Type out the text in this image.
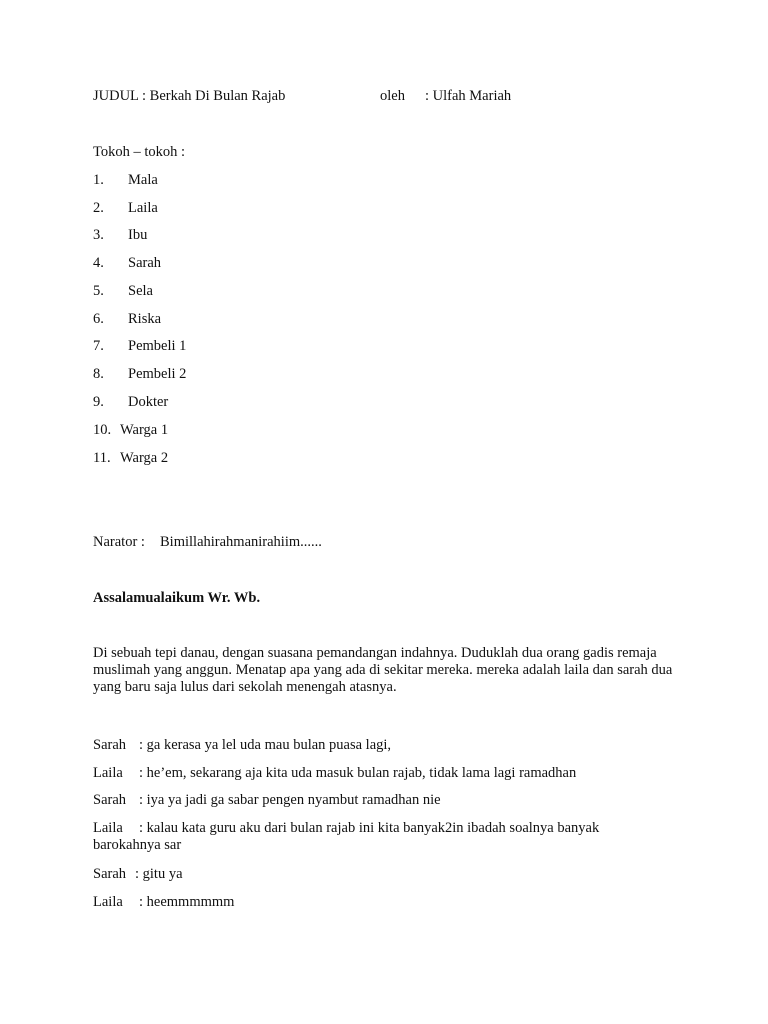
JUDUL : Berkah Di Bulan Rajab	oleh : Ulfah Mariah
Tokoh – tokoh :
1. Mala
2. Laila
3. Ibu
4. Sarah
5. Sela
6. Riska
7. Pembeli 1
8. Pembeli 2
9. Dokter
10. Warga 1
11. Warga 2
Narator : Bimillahirahmanirahiim......
Assalamualaikum Wr. Wb.
Di sebuah tepi danau, dengan suasana pemandangan indahnya. Duduklah dua orang gadis remaja muslimah yang anggun. Menatap apa yang ada di sekitar mereka. mereka adalah laila dan sarah dua yang baru saja lulus dari sekolah menengah atasnya.
Sarah : ga kerasa ya lel uda mau bulan puasa lagi,
Laila : he’em, sekarang aja kita uda masuk bulan rajab, tidak lama lagi ramadhan
Sarah : iya ya jadi ga sabar pengen nyambut ramadhan nie
Laila : kalau kata guru aku dari bulan rajab ini kita banyak2in ibadah soalnya banyak
barokahnya sar
Sarah : gitu ya
Laila : heemmmmmm
